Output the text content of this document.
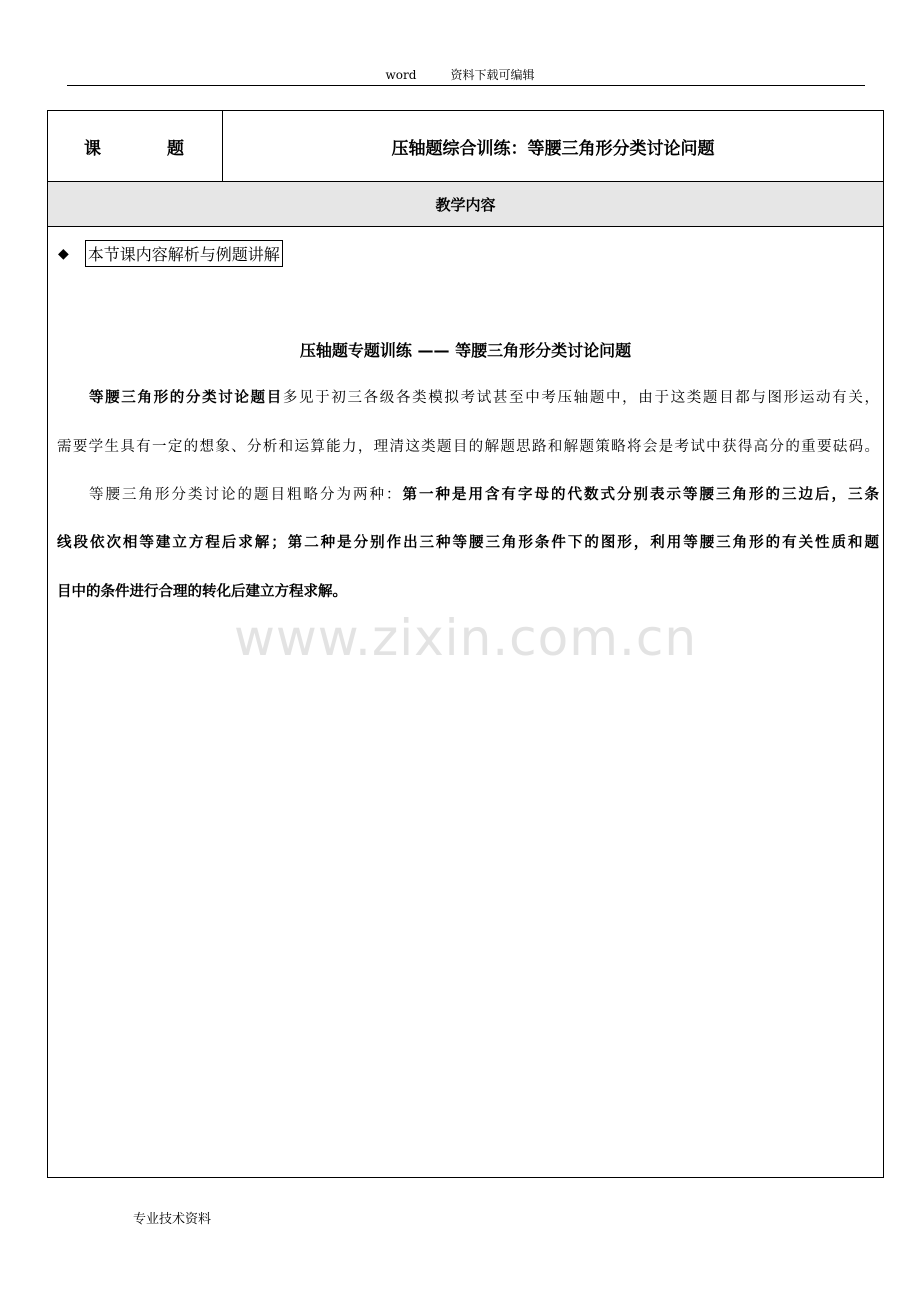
word	资料下载可编辑
课 题	压轴题综合训练：等腰三角形分类讨论问题
教学内容
◆ 本节课内容解析与例题讲解
压轴题专题训练 —— 等腰三角形分类讨论问题
等腰三角形的分类讨论题目多见于初三各级各类模拟考试甚至中考压轴题中，由于这类题目都与图形运动有关，
需要学生具有一定的想象、分析和运算能力，理清这类题目的解题思路和解题策略将会是考试中获得高分的重要砝码。
等腰三角形分类讨论的题目粗略分为两种：第一种是用含有字母的代数式分别表示等腰三角形的三边后，三条
线段依次相等建立方程后求解；第二种是分别作出三种等腰三角形条件下的图形，利用等腰三角形的有关性质和题
目中的条件进行合理的转化后建立方程求解。
www.zixin.com.cn
专业技术资料
